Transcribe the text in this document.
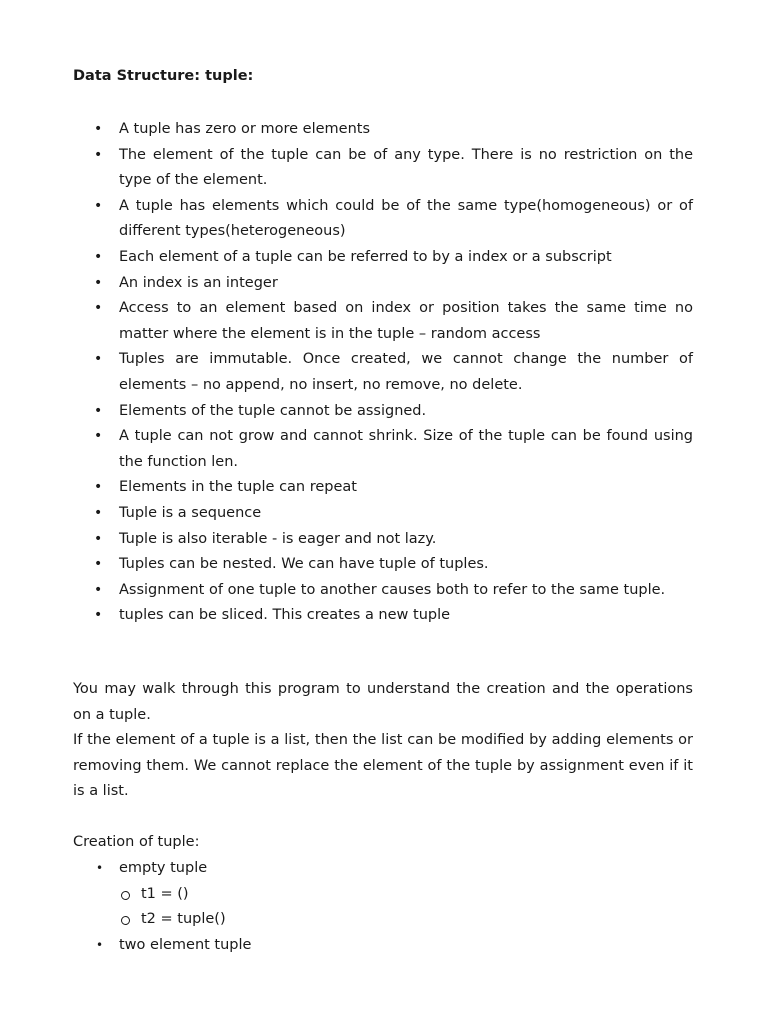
Data Structure: tuple:
• A tuple has zero or more elements
• The element of the tuple can be of any type. There is no restriction on the type of the element.
• A tuple has elements which could be of the same type(homogeneous) or of different types(heterogeneous)
• Each element of a tuple can be referred to by a index or a subscript
• An index is an integer
• Access to an element based on index or position takes the same time no matter where the element is in the tuple – random access
• Tuples are immutable. Once created, we cannot change the number of elements – no append, no insert, no remove, no delete.
• Elements of the tuple cannot be assigned.
• A tuple can not grow and cannot shrink. Size of the tuple can be found using the function len.
• Elements in the tuple can repeat
• Tuple is a sequence
• Tuple is also iterable - is eager and not lazy.
• Tuples can be nested. We can have tuple of tuples.
• Assignment of one tuple to another causes both to refer to the same tuple.
• tuples can be sliced. This creates a new tuple
You may walk through this program to understand the creation and the operations on a tuple.
If the element of a tuple is a list, then the list can be modified by adding elements or removing them. We cannot replace the element of the tuple by assignment even if it is a list.
Creation of tuple:
• empty tuple
t1 = ()
t2 = tuple()
• two element tuple
